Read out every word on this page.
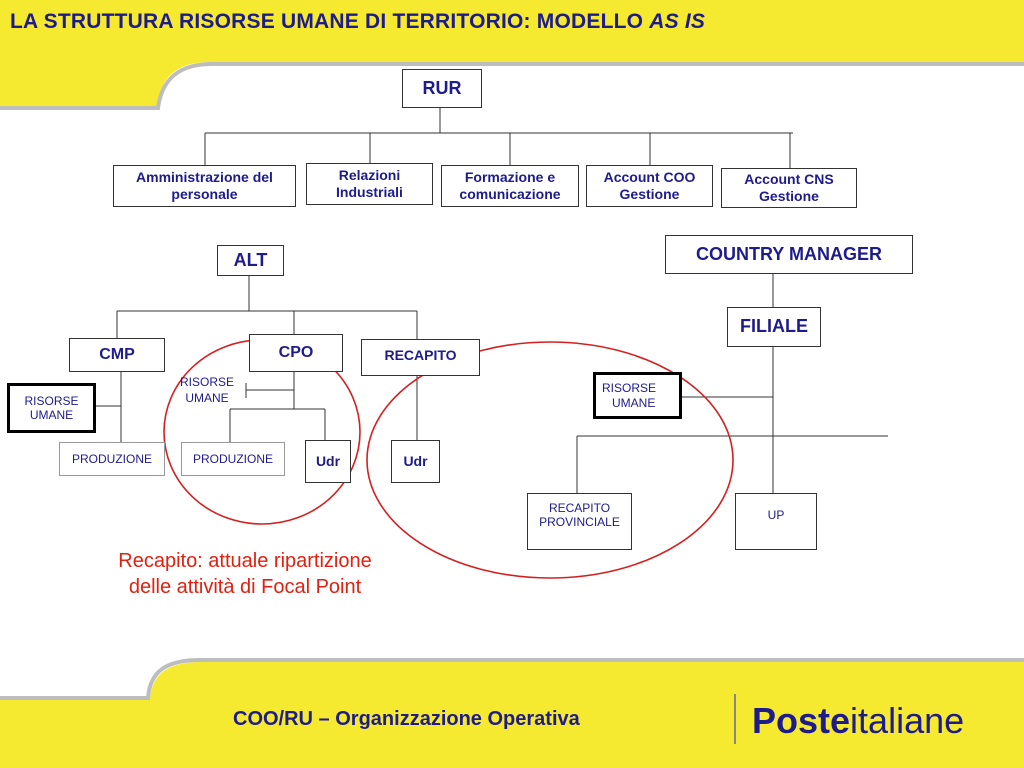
LA STRUTTURA RISORSE UMANE DI TERRITORIO: MODELLO AS IS
RUR
Amministrazione del
personale
Relazioni
Industriali
Formazione e
comunicazione
Account COO
Gestione
Account CNS
Gestione
ALT
CMP	CPO	RECAPITO
RISORSE
UMANE
RISORSE
UMANE
PRODUZIONE	PRODUZIONE	Udr	Udr
COUNTRY MANAGER
FILIALE
RISORSE
UMANE
RECAPITO
PROVINCIALE
UP
Recapito: attuale ripartizione
delle attività di Focal Point
COO/RU – Organizzazione Operativa	Posteitaliane
